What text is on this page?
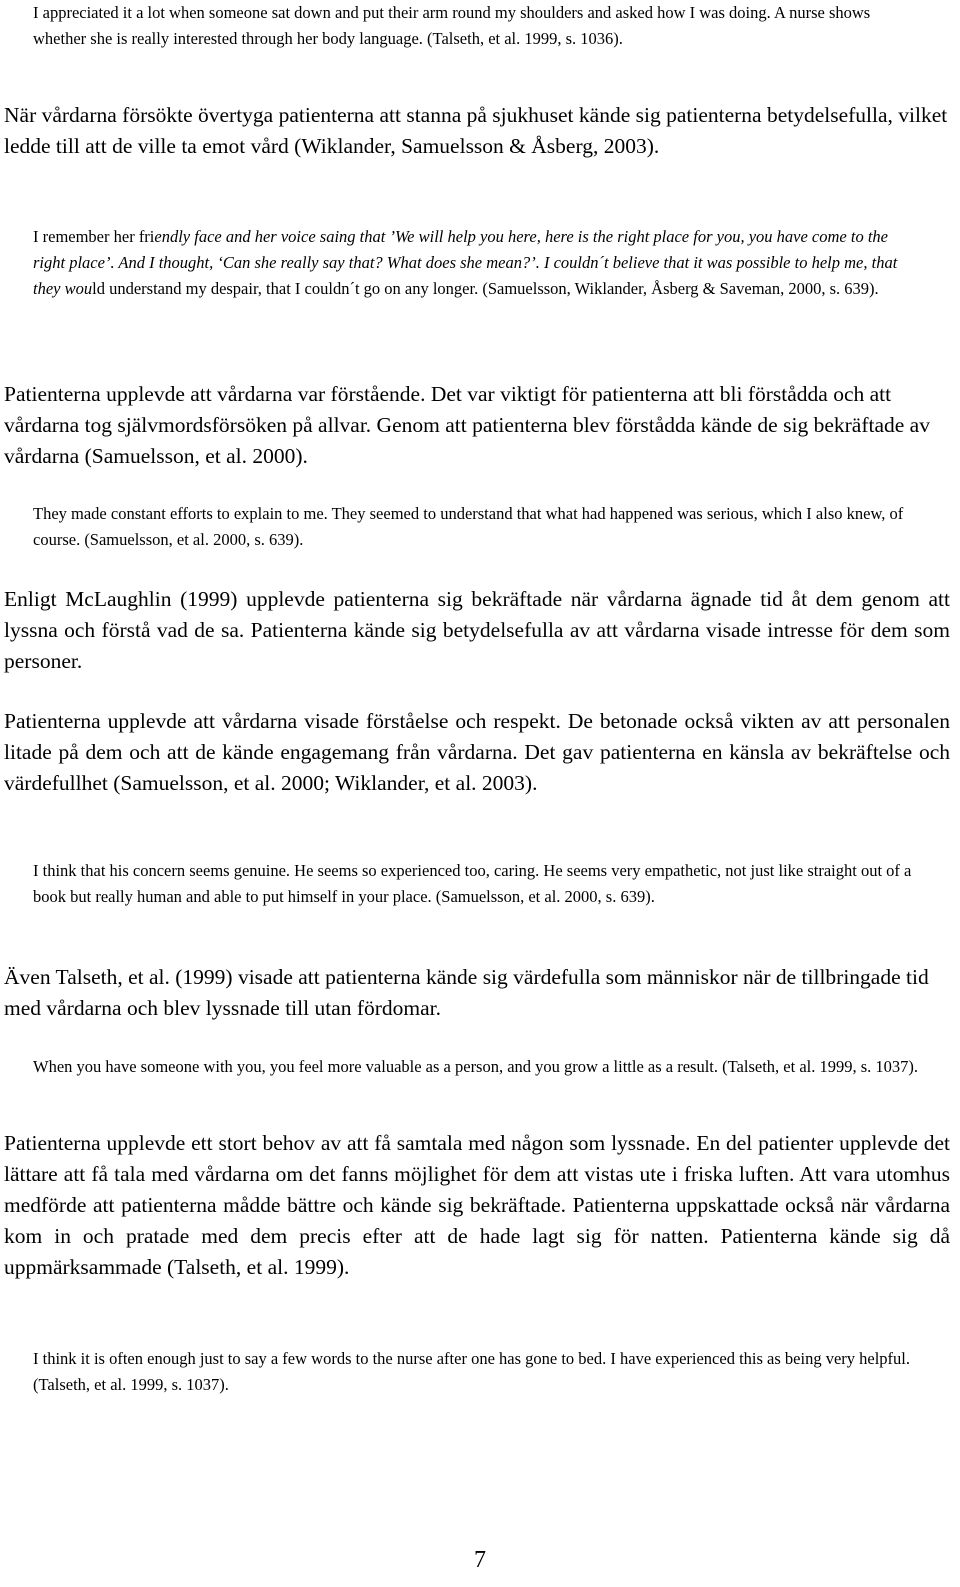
I appreciated it a lot when someone sat down and put their arm round my shoulders and asked how I was doing. A nurse shows whether she is really interested through her body language. (Talseth, et al. 1999, s. 1036).

När vårdarna försökte övertyga patienterna att stanna på sjukhuset kände sig patienterna betydelsefulla, vilket ledde till att de ville ta emot vård (Wiklander, Samuelsson & Åsberg, 2003).

I remember her friendly face and her voice saing that ’We will help you here, here is the right place for you, you have come to the right place’. And I thought, ‘Can she really say that? What does she mean?’. I couldn´t believe that it was possible to help me, that they would understand my despair, that I couldn´t go on any longer. (Samuelsson, Wiklander, Åsberg & Saveman, 2000, s. 639).

Patienterna upplevde att vårdarna var förstående. Det var viktigt för patienterna att bli förstådda och att vårdarna tog självmordsförsöken på allvar. Genom att patienterna blev förstådda kände de sig bekräftade av vårdarna (Samuelsson, et al. 2000).

They made constant efforts to explain to me. They seemed to understand that what had happened was serious, which I also knew, of course. (Samuelsson, et al. 2000, s. 639).

Enligt McLaughlin (1999) upplevde patienterna sig bekräftade när vårdarna ägnade tid åt dem genom att lyssna och förstå vad de sa. Patienterna kände sig betydelsefulla av att vårdarna visade intresse för dem som personer.

Patienterna upplevde att vårdarna visade förståelse och respekt. De betonade också vikten av att personalen litade på dem och att de kände engagemang från vårdarna. Det gav patienterna en känsla av bekräftelse och värdefullhet (Samuelsson, et al. 2000; Wiklander, et al. 2003).

I think that his concern seems genuine. He seems so experienced too, caring. He seems very empathetic, not just like straight out of a book but really human and able to put himself in your place. (Samuelsson, et al. 2000, s. 639).

Även Talseth, et al. (1999) visade att patienterna kände sig värdefulla som människor när de tillbringade tid med vårdarna och blev lyssnade till utan fördomar.

When you have someone with you, you feel more valuable as a person, and you grow a little as a result. (Talseth, et al. 1999, s. 1037).

Patienterna upplevde ett stort behov av att få samtala med någon som lyssnade. En del patienter upplevde det lättare att få tala med vårdarna om det fanns möjlighet för dem att vistas ute i friska luften. Att vara utomhus medförde att patienterna mådde bättre och kände sig bekräftade. Patienterna uppskattade också när vårdarna kom in och pratade med dem precis efter att de hade lagt sig för natten. Patienterna kände sig då uppmärksammade (Talseth, et al. 1999).

I think it is often enough just to say a few words to the nurse after one has gone to bed. I have experienced this as being very helpful. (Talseth, et al. 1999, s. 1037).

7
